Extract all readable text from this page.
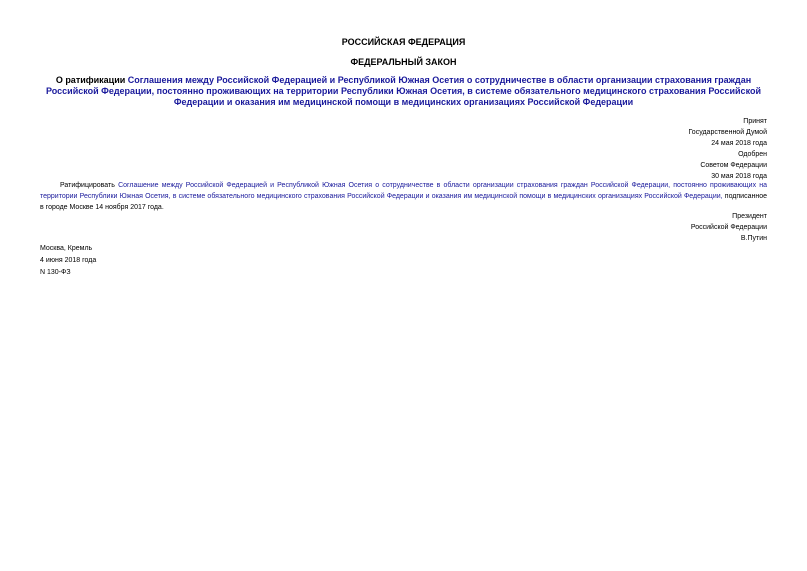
РОССИЙСКАЯ ФЕДЕРАЦИЯ
ФЕДЕРАЛЬНЫЙ ЗАКОН
О ратификации Соглашения между Российской Федерацией и Республикой Южная Осетия о сотрудничестве в области организации страхования граждан Российской Федерации, постоянно проживающих на территории Республики Южная Осетия, в системе обязательного медицинского страхования Российской Федерации и оказания им медицинской помощи в медицинских организациях Российской Федерации
Принят
Государственной Думой
24 мая 2018 года
Одобрен
Советом Федерации
30 мая 2018 года
Ратифицировать Соглашение между Российской Федерацией и Республикой Южная Осетия о сотрудничестве в области организации страхования граждан Российской Федерации, постоянно проживающих на территории Республики Южная Осетия, в системе обязательного медицинского страхования Российской Федерации и оказания им медицинской помощи в медицинских организациях Российской Федерации, подписанное в городе Москве 14 ноября 2017 года.
Президент
Российской Федерации
В.Путин
Москва, Кремль
4 июня 2018 года
N 130-ФЗ
